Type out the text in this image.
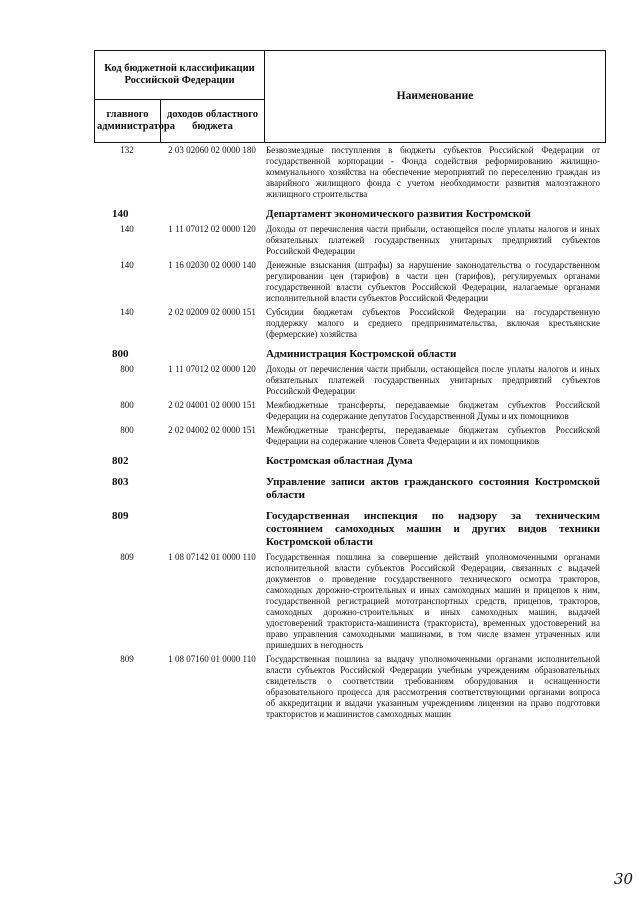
Код бюджетной классификации Российской Федерации		Наименование
главного администратора	доходов областного бюджета	
132	2 03 02060 02 0000 180	Безвозмездные поступления в бюджеты субъектов Российской Федерации от государственной корпорации - Фонда содействия реформированию жилищно-коммунального хозяйства на обеспечение мероприятий по переселению граждан из аварийного жилищного фонда с учетом необходимости развития малоэтажного жилищного строительства
140	Департамент экономического развития Костромской
140	1 11 07012 02 0000 120	Доходы от перечисления части прибыли, остающейся после уплаты налогов и иных обязательных платежей государственных унитарных предприятий субъектов Российской Федерации
140	1 16 02030 02 0000 140	Денежные взыскания (штрафы) за нарушение законодательства о государственном регулировании цен (тарифов) в части цен (тарифов), регулируемых органами государственной власти субъектов Российской Федерации, налагаемые органами исполнительной власти субъектов Российской Федерации
140	2 02 02009 02 0000 151	Субсидии бюджетам субъектов Российской Федерации на государственную поддержку малого и среднего предпринимательства, включая крестьянские (фермерские) хозяйства
800	Администрация Костромской области
800	1 11 07012 02 0000 120	Доходы от перечисления части прибыли, остающейся после уплаты налогов и иных обязательных платежей государственных унитарных предприятий субъектов Российской Федерации
800	2 02 04001 02 0000 151	Межбюджетные трансферты, передаваемые бюджетам субъектов Российской Федерации на содержание депутатов Государственной Думы и их помощников
800	2 02 04002 02 0000 151	Межбюджетные трансферты, передаваемые бюджетам субъектов Российской Федерации на содержание членов Совета Федерации и их помощников
802	Костромская областная Дума
803	Управление записи актов гражданского состояния Костромской области
809	Государственная инспекция по надзору за техническим состоянием самоходных машин и других видов техники Костромской области
809	1 08 07142 01 0000 110	Государственная пошлина за совершение действий уполномоченными органами исполнительной власти субъектов Российской Федерации, связанных с выдачей документов о проведение государственного технического осмотра тракторов, самоходных дорожно-строительных и иных самоходных машин и прицепов к ним, государственной регистрацией мототранспортных средств, прицепов, тракторов, самоходных дорожно-строительных и иных самоходных машин, выдачей удостоверений тракториста-машиниста (тракториста), временных удостоверений на право управления самоходными машинами, в том числе взамен утраченных или пришедших в негодность
809	1 08 07160 01 0000 110	Государственная пошлина за выдачу уполномоченными органами исполнительной власти субъектов Российской Федерации учебным учреждениям образовательных свидетельств о соответствии требованиям оборудования и оснащенности образовательного процесса для рассмотрения соответствующими органами вопроса об аккредитации и выдачи указанным учреждениям лицензии на право подготовки трактористов и машинистов самоходных машин
30
